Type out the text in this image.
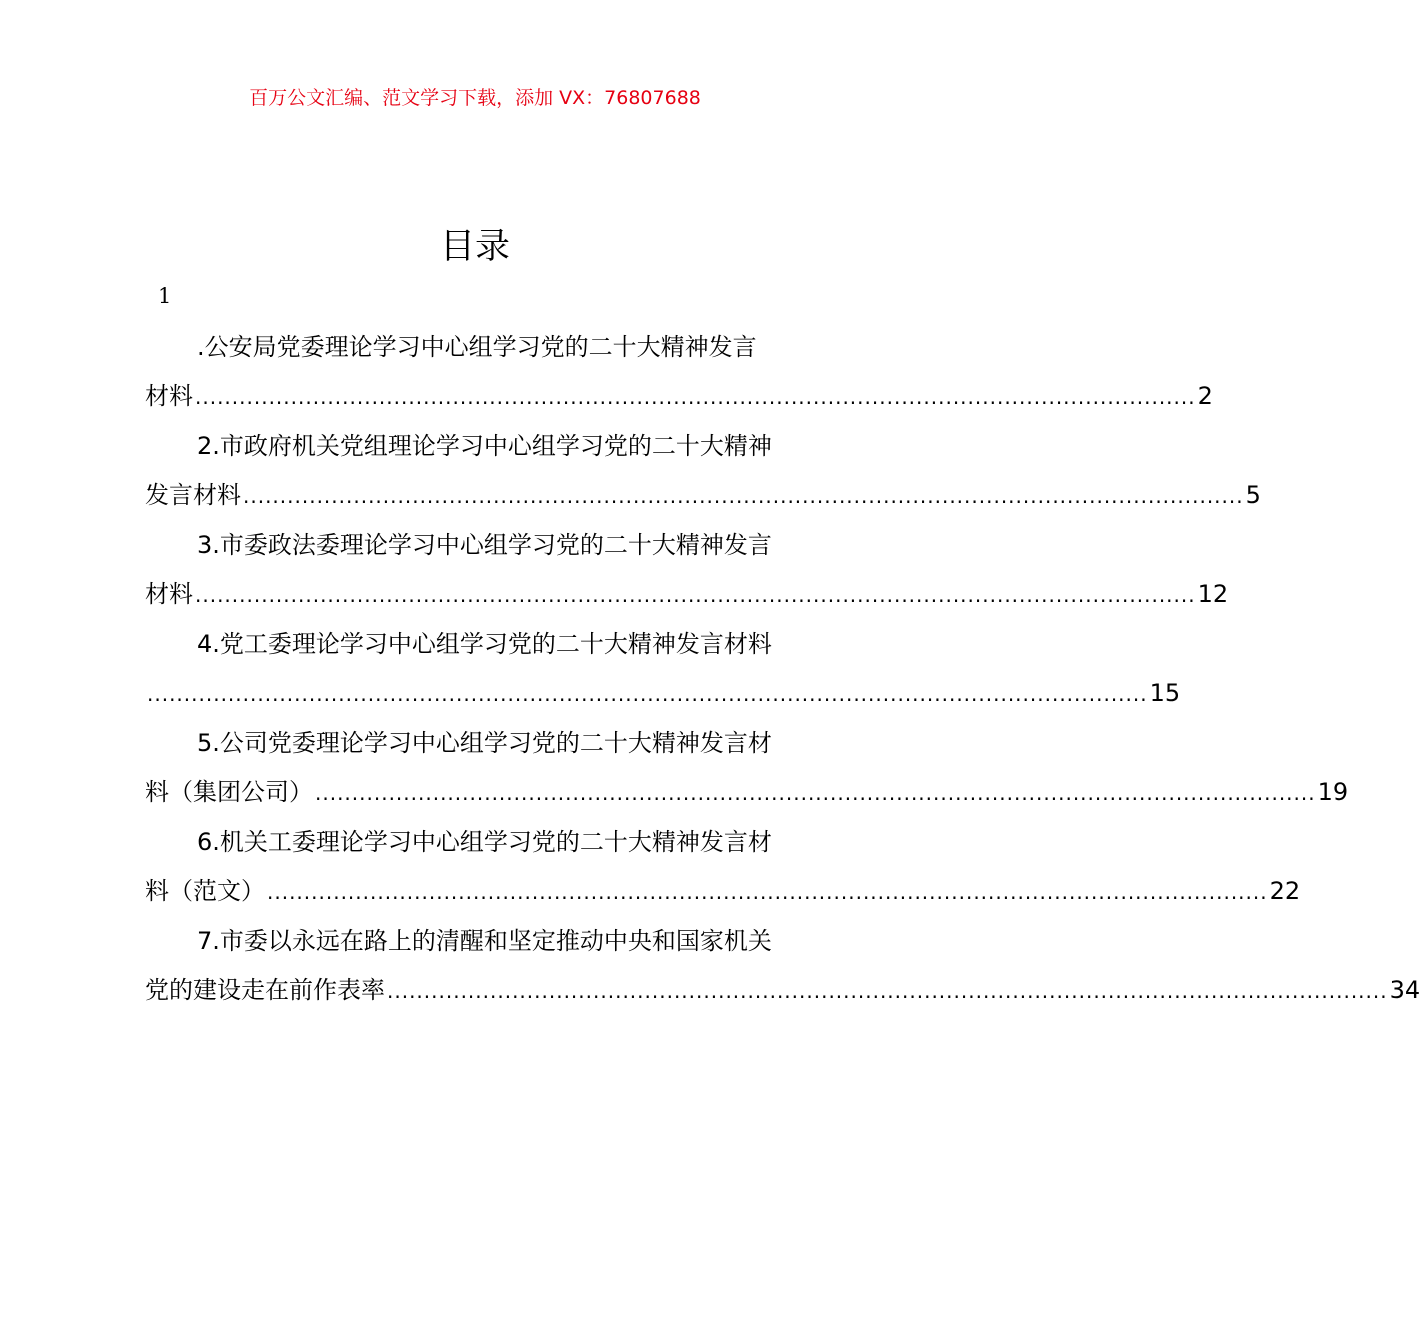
百万公文汇编、范文学习下载，添加 VX：76807688
目录
1
.公安局党委理论学习中心组学习党的二十大精神发言
材料 ........................................................................................................................................ 2
2.市政府机关党组理论学习中心组学习党的二十大精神
发言材料 ........................................................................................................................................ 5
3.市委政法委理论学习中心组学习党的二十大精神发言
材料 ........................................................................................................................................ 12
4.党工委理论学习中心组学习党的二十大精神发言材料
........................................................................................................................................ 15
5.公司党委理论学习中心组学习党的二十大精神发言材
料（集团公司） ........................................................................................................................................ 19
6.机关工委理论学习中心组学习党的二十大精神发言材
料（范文） ........................................................................................................................................ 22
7.市委以永远在路上的清醒和坚定推动中央和国家机关
党的建设走在前作表率 ........................................................................................................................................ 34
